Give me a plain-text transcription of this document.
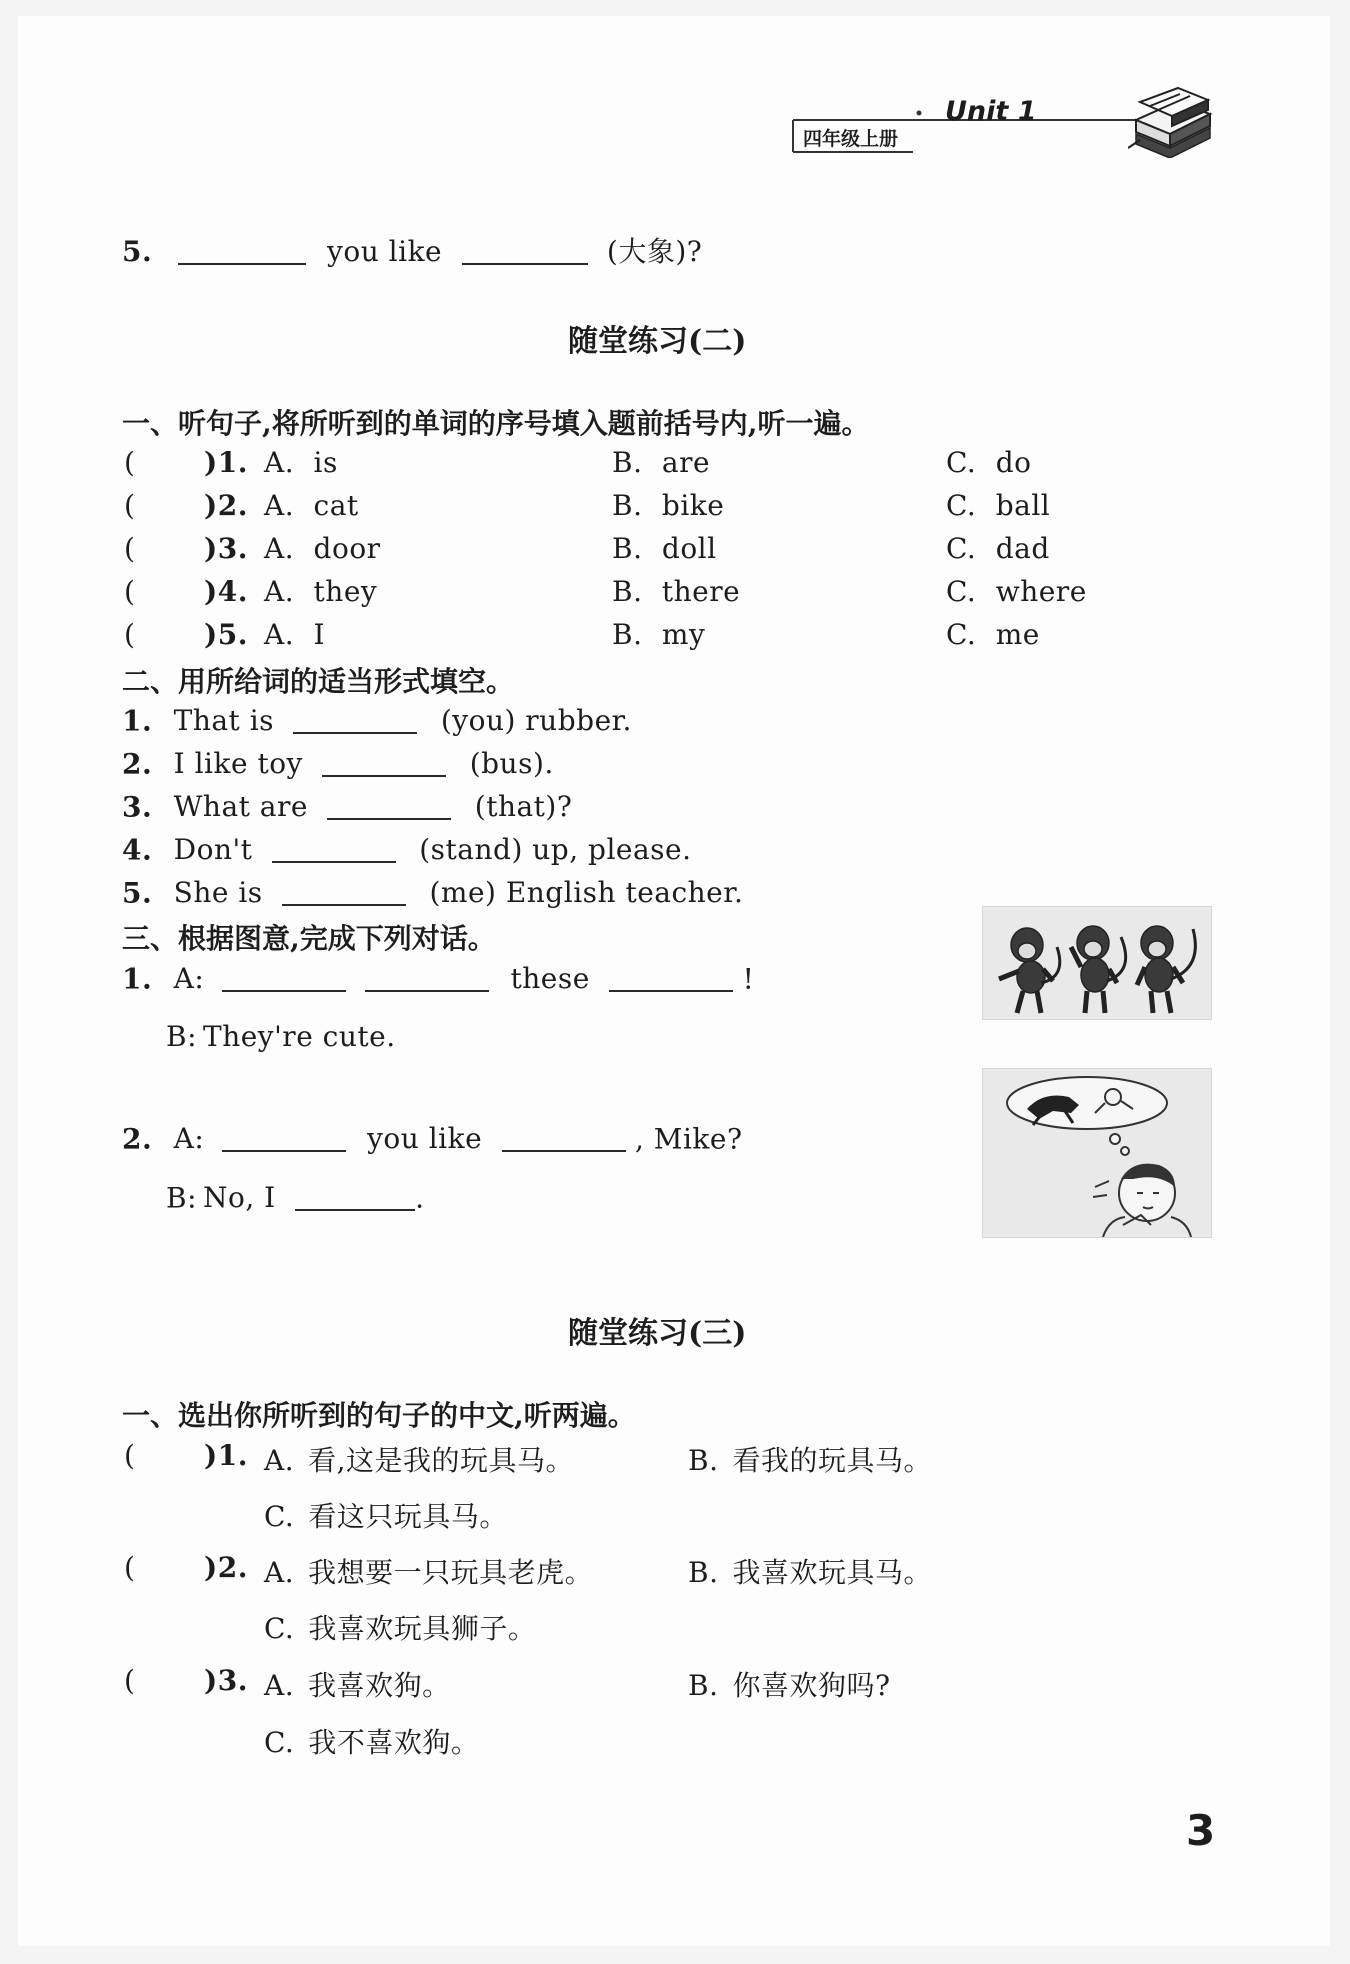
四年级上册
Unit 1
5.	you like	(大象)?
随堂练习(二)
一、听句子,将所听到的单词的序号填入题前括号内,听一遍。
( )1. A. is	B. are	C. do
( )2. A. cat	B. bike	C. ball
( )3. A. door	B. doll	C. dad
( )4. A. they	B. there	C. where
( )5. A. I	B. my	C. me
二、用所给词的适当形式填空。
1. That is	(you) rubber.
2. I like toy	(bus).
3. What are	(that)?
4. Don't	(stand) up, please.
5. She is	(me) English teacher.
三、根据图意,完成下列对话。
1. A:	these	!
B: They're cute.
2. A:	you like	, Mike?
B: No, I	.
随堂练习(三)
一、选出你所听到的句子的中文,听两遍。
( )1. A. 看,这是我的玩具马。	B. 看我的玩具马。
C. 看这只玩具马。
( )2. A. 我想要一只玩具老虎。	B. 我喜欢玩具马。
C. 我喜欢玩具狮子。
( )3. A. 我喜欢狗。	B. 你喜欢狗吗?
C. 我不喜欢狗。
3
